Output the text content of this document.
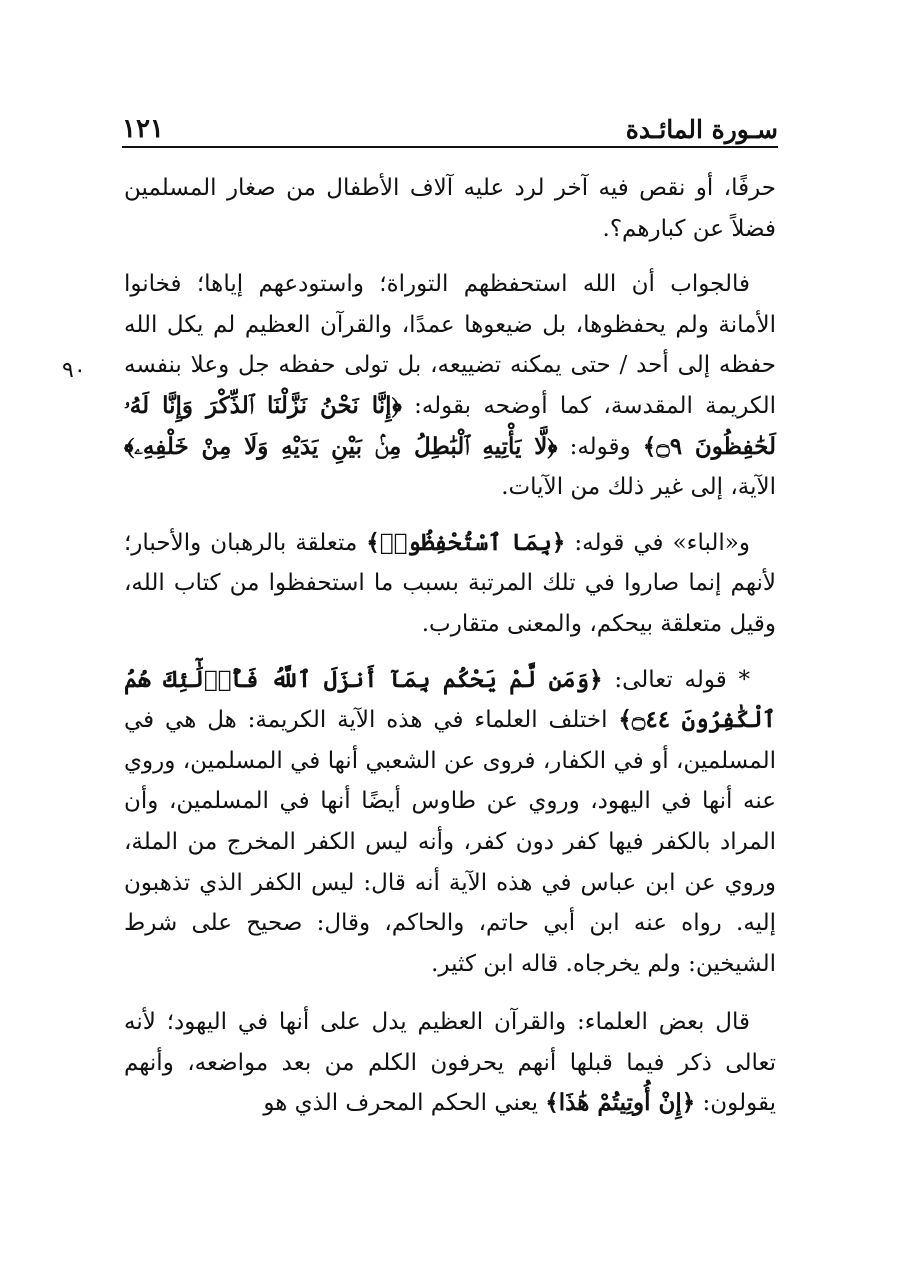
١٢١	سـورة المائـدة
٩٠

حرفًا، أو نقص فيه آخر لرد عليه آلاف الأطفال من صغار المسلمين فضلاً عن كبارهم؟.

فالجواب أن الله استحفظهم التوراة؛ واستودعهم إياها؛ فخانوا الأمانة ولم يحفظوها، بل ضيعوها عمدًا، والقرآن العظيم لم يكل الله حفظه إلى أحد / حتى يمكنه تضييعه، بل تولى حفظه جل وعلا بنفسه الكريمة المقدسة، كما أوضحه بقوله: ﴿إِنَّا نَحْنُ نَزَّلْنَا ٱلذِّكْرَ وَإِنَّا لَهُۥ لَحَٰفِظُونَ ۝٩﴾ وقوله: ﴿لَّا يَأْتِيهِ ٱلْبَٰطِلُ مِنۢ بَيْنِ يَدَيْهِ وَلَا مِنْ خَلْفِهِۦ﴾ الآية، إلى غير ذلك من الآيات.

و«الباء» في قوله: ﴿بِمَا ٱسْتُحْفِظُوا۟﴾ متعلقة بالرهبان والأحبار؛ لأنهم إنما صاروا في تلك المرتبة بسبب ما استحفظوا من كتاب الله، وقيل متعلقة بيحكم، والمعنى متقارب.

* قوله تعالى: ﴿وَمَن لَّمْ يَحْكُم بِمَآ أَنزَلَ ٱللَّهُ فَأُو۟لَٰٓئِكَ هُمُ ٱلْكَٰفِرُونَ ۝٤٤﴾ اختلف العلماء في هذه الآية الكريمة: هل هي في المسلمين، أو في الكفار، فروى عن الشعبي أنها في المسلمين، وروي عنه أنها في اليهود، وروي عن طاوس أيضًا أنها في المسلمين، وأن المراد بالكفر فيها كفر دون كفر، وأنه ليس الكفر المخرج من الملة، وروي عن ابن عباس في هذه الآية أنه قال: ليس الكفر الذي تذهبون إليه. رواه عنه ابن أبي حاتم، والحاكم، وقال: صحيح على شرط الشيخين: ولم يخرجاه. قاله ابن كثير.

قال بعض العلماء: والقرآن العظيم يدل على أنها في اليهود؛ لأنه تعالى ذكر فيما قبلها أنهم يحرفون الكلم من بعد مواضعه، وأنهم يقولون: ﴿إِنْ أُوتِيتُمْ هَٰذَا﴾ يعني الحكم المحرف الذي هو
